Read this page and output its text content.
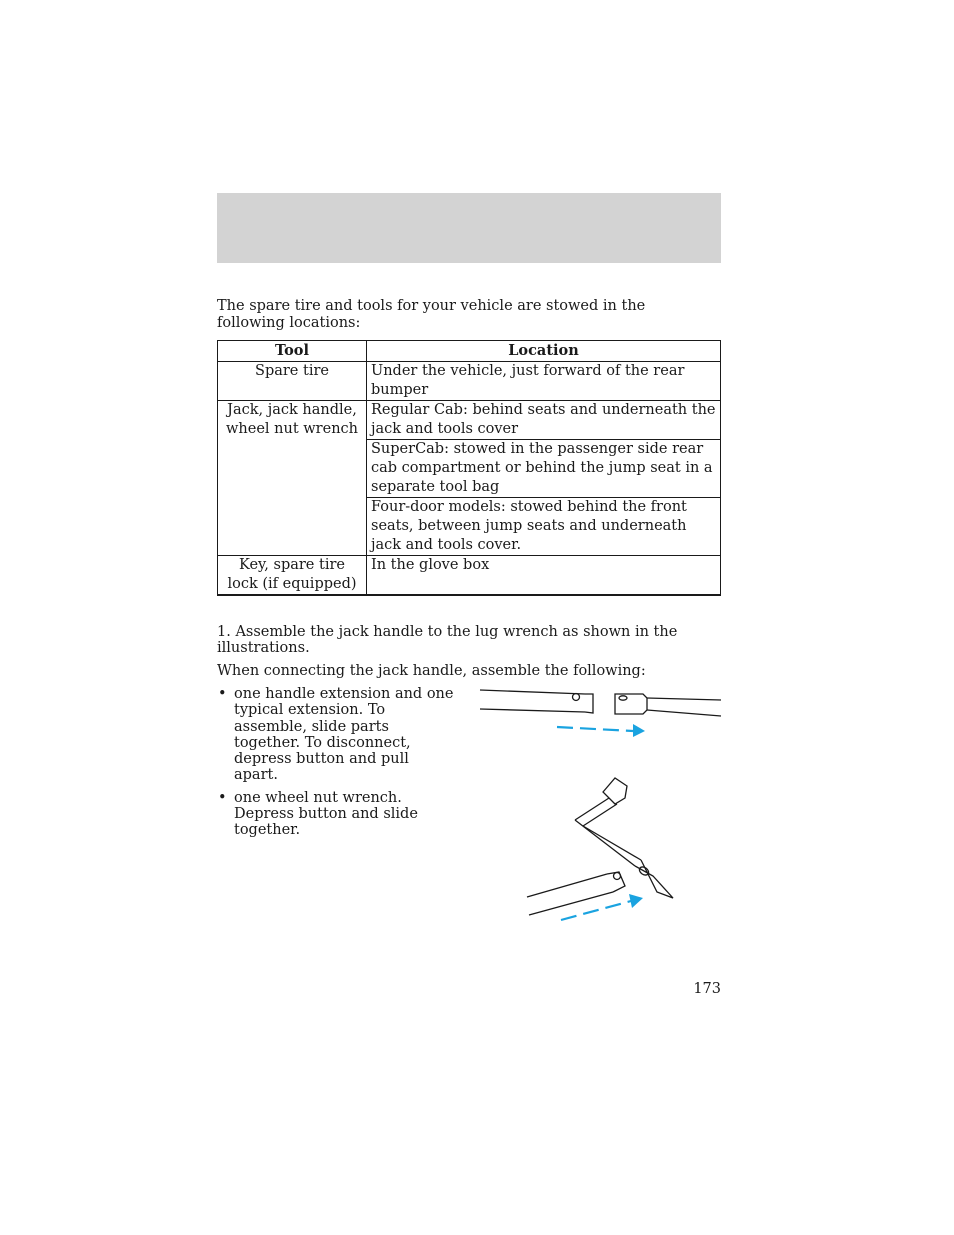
The spare tire and tools for your vehicle are stowed in the following locations:
Tool	Location
Spare tire	Under the vehicle, just forward of the rear bumper
Jack, jack handle, wheel nut wrench	Regular Cab: behind seats and underneath the jack and tools cover
	SuperCab: stowed in the passenger side rear cab compartment or behind the jump seat in a separate tool bag
	Four-door models: stowed behind the front seats, between jump seats and underneath jack and tools cover.
Key, spare tire lock (if equipped)	In the glove box
1. Assemble the jack handle to the lug wrench as shown in the illustrations.
When connecting the jack handle, assemble the following:
• one handle extension and one typical extension. To assemble, slide parts together. To disconnect, depress button and pull apart.
• one wheel nut wrench. Depress button and slide together.
173
